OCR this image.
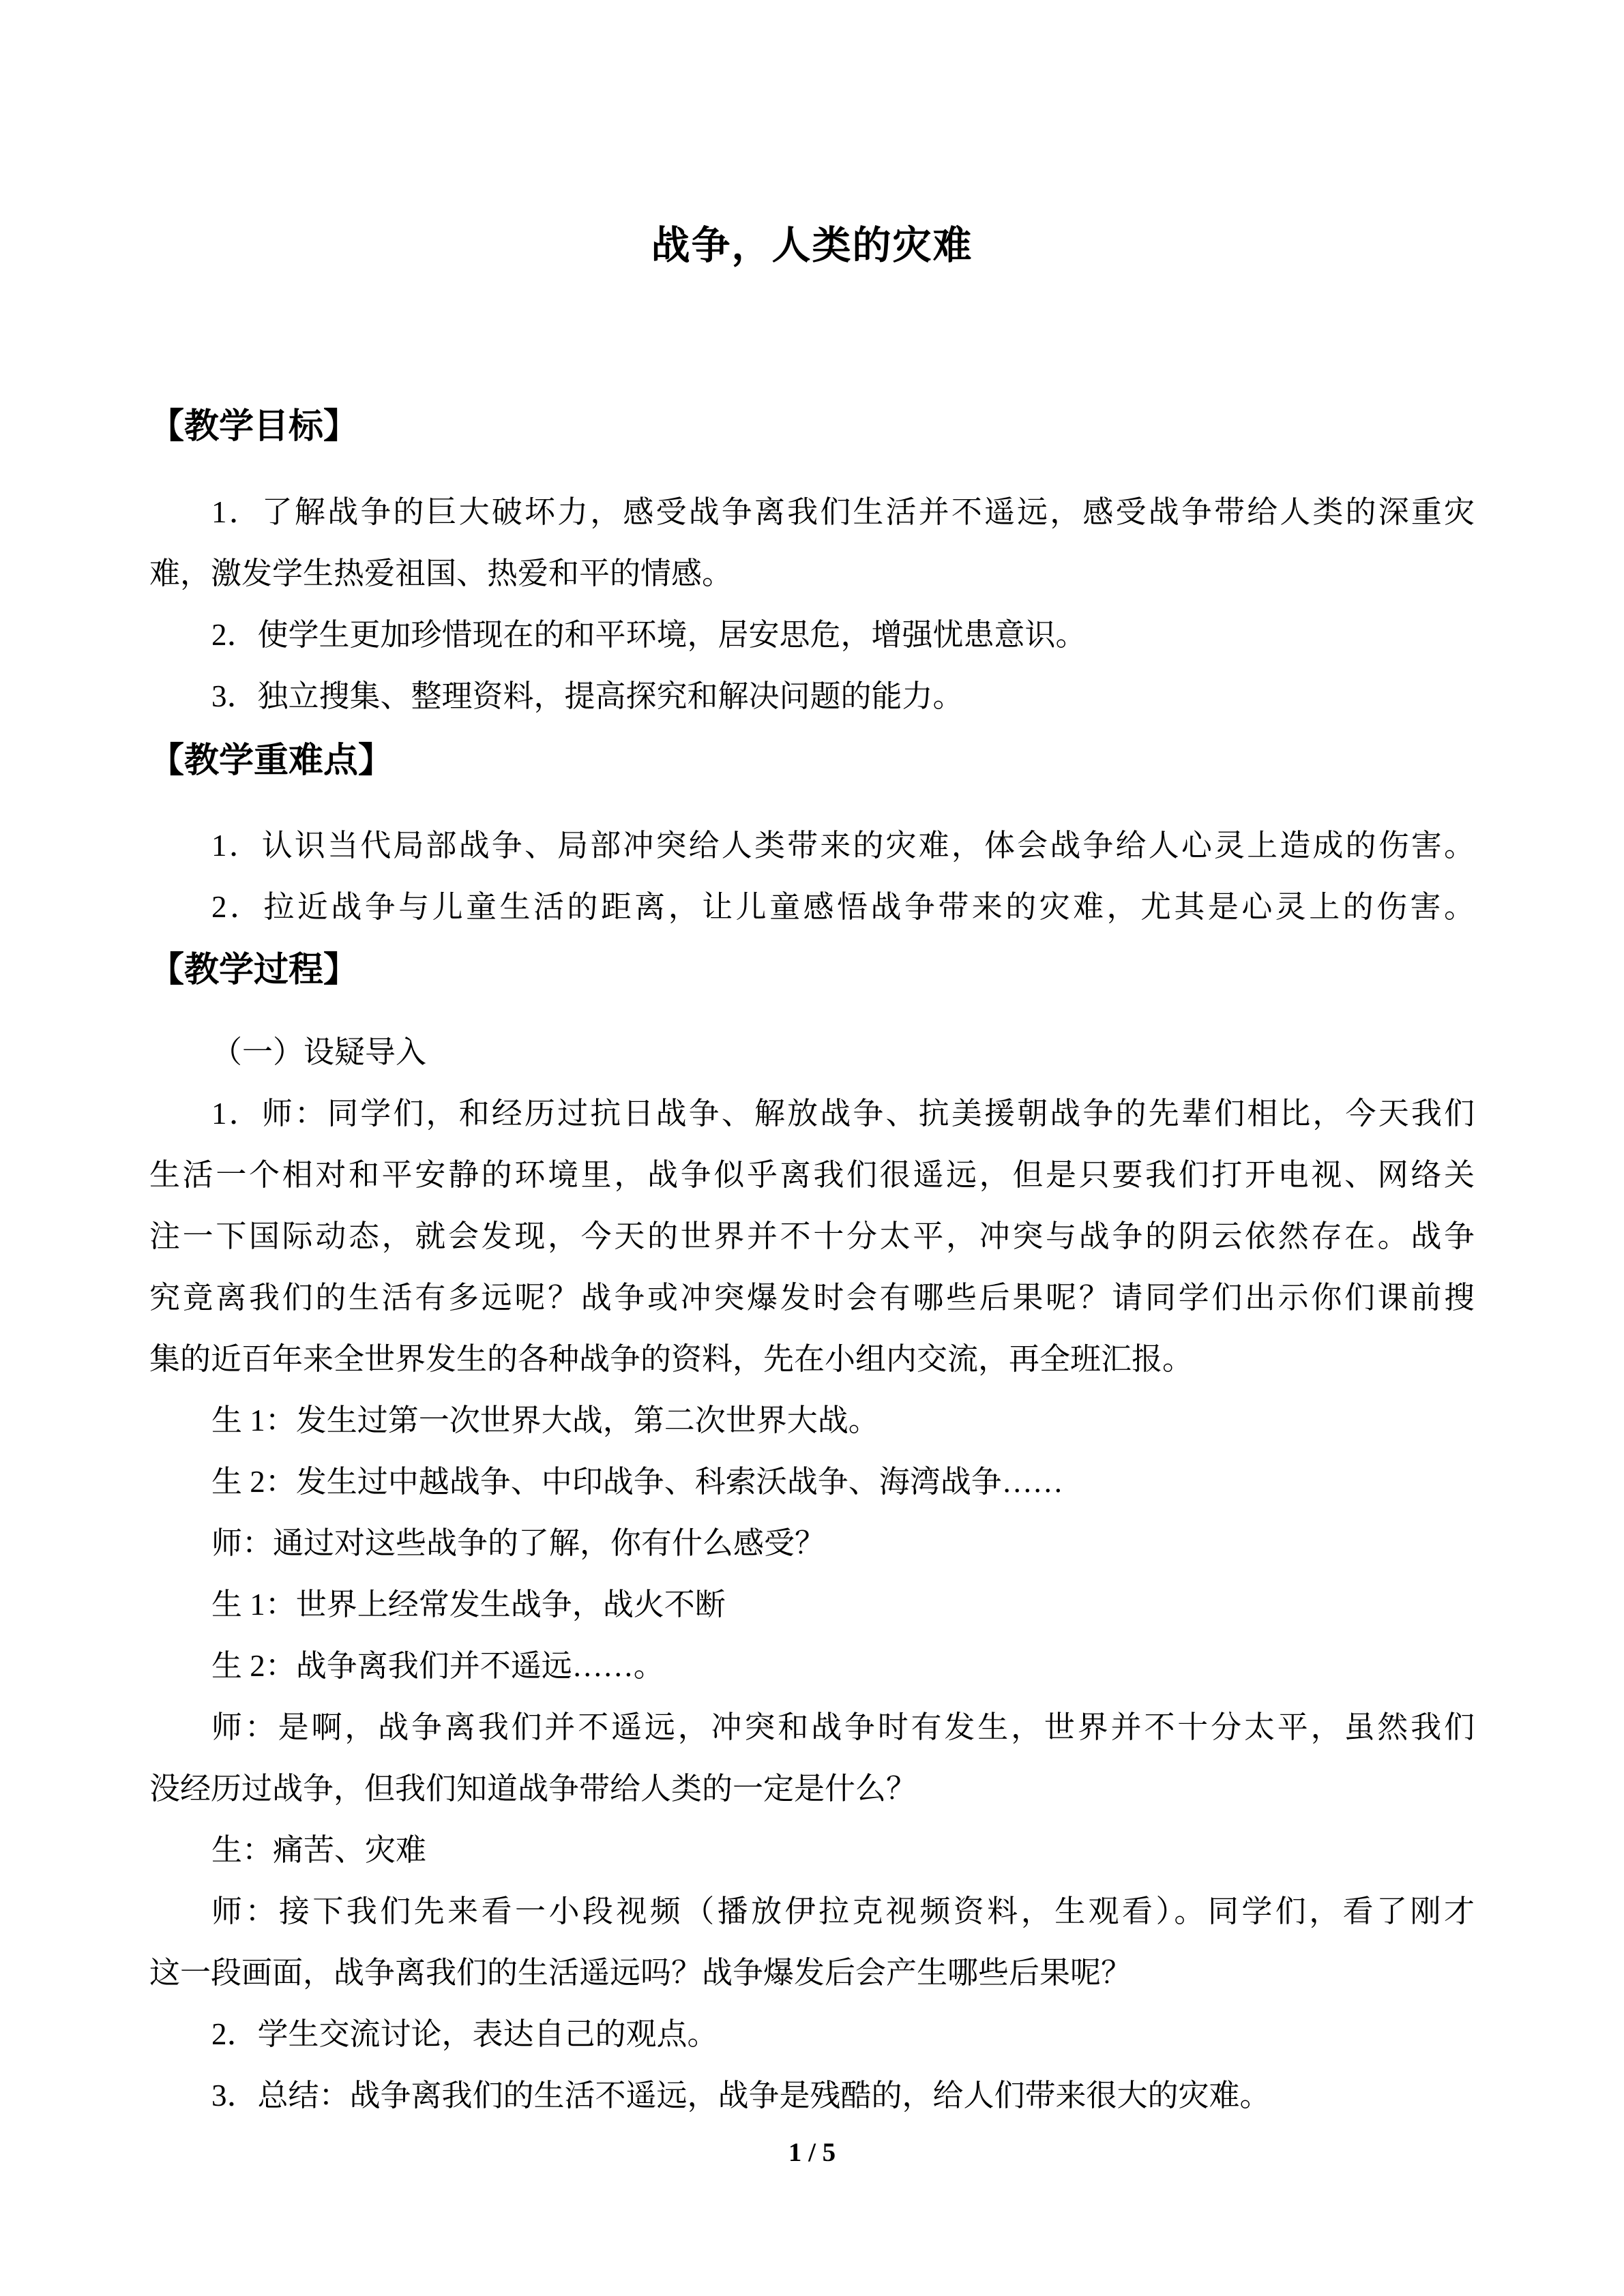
战争，人类的灾难
【教学目标】
1．了解战争的巨大破坏力，感受战争离我们生活并不遥远，感受战争带给人类的深重灾
难，激发学生热爱祖国、热爱和平的情感。
2．使学生更加珍惜现在的和平环境，居安思危，增强忧患意识。
3．独立搜集、整理资料，提高探究和解决问题的能力。
【教学重难点】
1．认识当代局部战争、局部冲突给人类带来的灾难，体会战争给人心灵上造成的伤害。
2．拉近战争与儿童生活的距离，让儿童感悟战争带来的灾难，尤其是心灵上的伤害。
【教学过程】
（一）设疑导入
1．师：同学们，和经历过抗日战争、解放战争、抗美援朝战争的先辈们相比，今天我们
生活一个相对和平安静的环境里，战争似乎离我们很遥远，但是只要我们打开电视、网络关
注一下国际动态，就会发现，今天的世界并不十分太平，冲突与战争的阴云依然存在。战争
究竟离我们的生活有多远呢？战争或冲突爆发时会有哪些后果呢？请同学们出示你们课前搜
集的近百年来全世界发生的各种战争的资料，先在小组内交流，再全班汇报。
生 1：发生过第一次世界大战，第二次世界大战。
生 2：发生过中越战争、中印战争、科索沃战争、海湾战争……
师：通过对这些战争的了解，你有什么感受？
生 1：世界上经常发生战争，战火不断
生 2：战争离我们并不遥远……。
师：是啊，战争离我们并不遥远，冲突和战争时有发生，世界并不十分太平，虽然我们
没经历过战争，但我们知道战争带给人类的一定是什么？
生：痛苦、灾难
师：接下我们先来看一小段视频（播放伊拉克视频资料，生观看）。同学们，看了刚才
这一段画面，战争离我们的生活遥远吗？战争爆发后会产生哪些后果呢？
2．学生交流讨论，表达自己的观点。
3．总结：战争离我们的生活不遥远，战争是残酷的，给人们带来很大的灾难。
1 / 5
